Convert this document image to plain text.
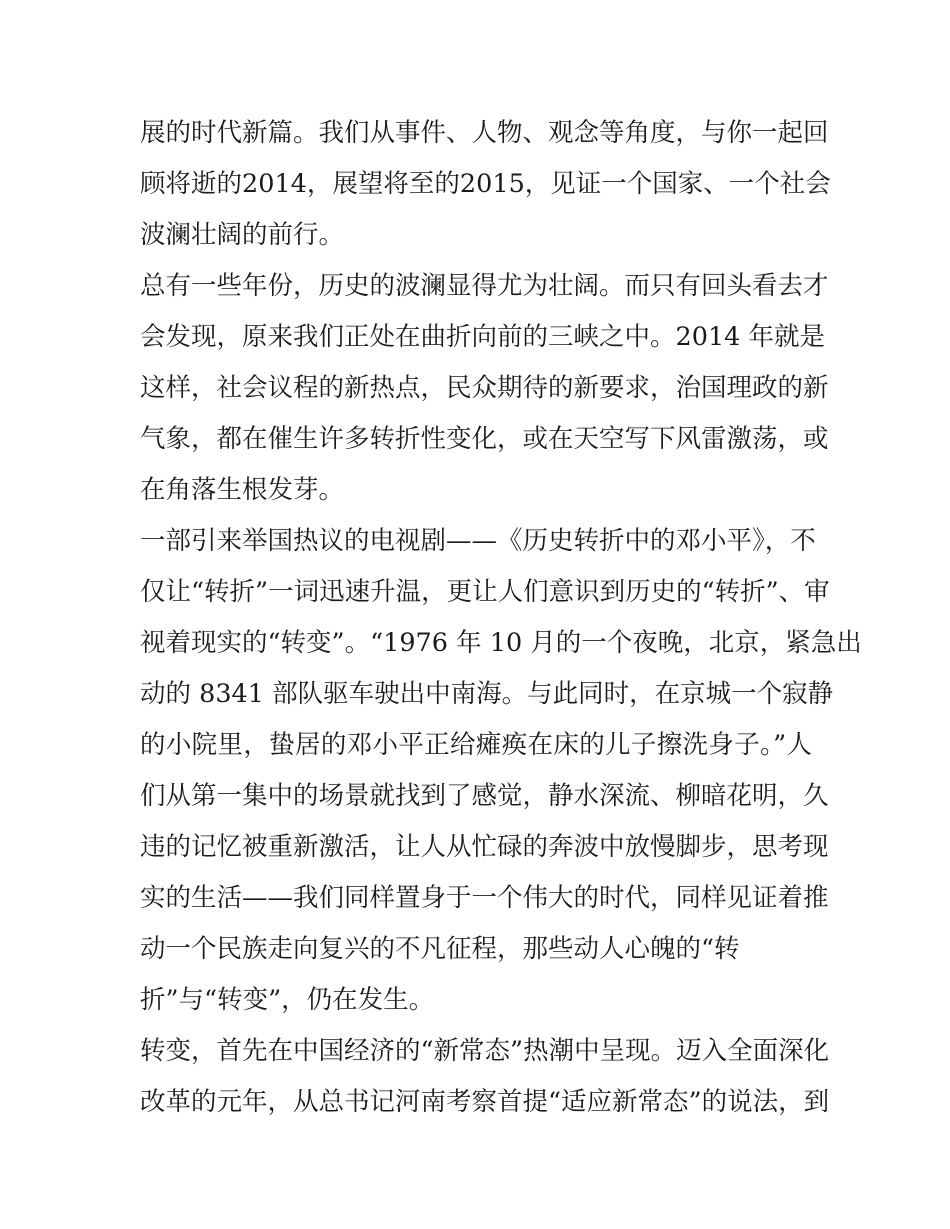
展的时代新篇。我们从事件、人物、观念等角度，与你一起回
顾将逝的2014，展望将至的2015，见证一个国家、一个社会
波澜壮阔的前行。
总有一些年份，历史的波澜显得尤为壮阔。而只有回头看去才
会发现，原来我们正处在曲折向前的三峡之中。2014 年就是
这样，社会议程的新热点，民众期待的新要求，治国理政的新
气象，都在催生许多转折性变化，或在天空写下风雷激荡，或
在角落生根发芽。
一部引来举国热议的电视剧——《历史转折中的邓小平》，不
仅让“转折”一词迅速升温，更让人们意识到历史的“转折”、审
视着现实的“转变”。“1976 年 10 月的一个夜晚，北京，紧急出
动的 8341 部队驱车驶出中南海。与此同时，在京城一个寂静
的小院里，蛰居的邓小平正给瘫痪在床的儿子擦洗身子。”人
们从第一集中的场景就找到了感觉，静水深流、柳暗花明，久
违的记忆被重新激活，让人从忙碌的奔波中放慢脚步，思考现
实的生活——我们同样置身于一个伟大的时代，同样见证着推
动一个民族走向复兴的不凡征程，那些动人心魄的“转
折”与“转变”，仍在发生。
转变，首先在中国经济的“新常态”热潮中呈现。迈入全面深化
改革的元年，从总书记河南考察首提“适应新常态”的说法，到
